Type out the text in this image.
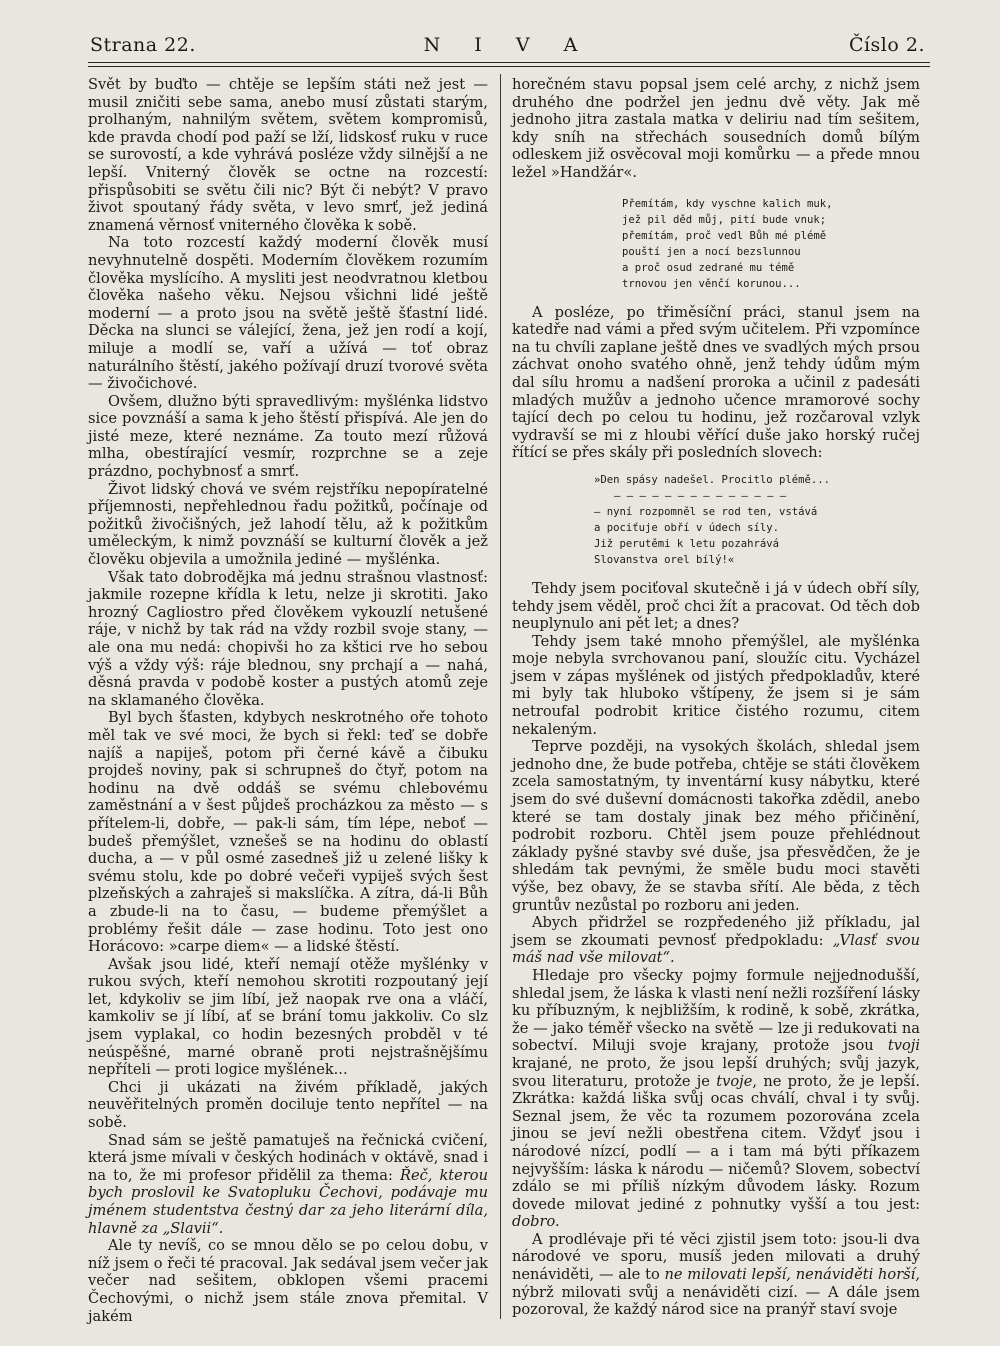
Strana 22.	N I V A	Číslo 2.

Svět by buďto — chtěje se lepším státi než jest — musil zničiti sebe sama, anebo musí zůstati starým, prolhaným, nahnilým světem, světem kompromisů, kde pravda chodí pod paží se lží, lidskosť ruku v ruce se surovostí, a kde vyhrává posléze vždy silnější a ne lepší. Vniterný člověk se octne na rozcestí: přispůsobiti se světu čili nic? Být či nebýt? V pravo život spoutaný řády světa, v levo smrť, jež jediná znamená věrnosť vniterného člověka k sobě.

Na toto rozcestí každý moderní člověk musí nevyhnutelně dospěti. Moderním člověkem rozumím člověka myslícího. A mysliti jest neodvratnou kletbou člověka našeho věku. Nejsou všichni lidé ještě moderní — a proto jsou na světě ještě šťastní lidé. Děcka na slunci se válející, žena, jež jen rodí a kojí, miluje a modlí se, vaří a užívá — toť obraz naturálního štěstí, jakého požívají druzí tvorové světa — živočichové.

Ovšem, dlužno býti spravedlivým: myšlénka lidstvo sice povznáší a sama k jeho štěstí přispívá. Ale jen do jisté meze, které neznáme. Za touto mezí růžová mlha, obestírající vesmír, rozprchne se a zeje prázdno, pochybnosť a smrť.

Život lidský chová ve svém rejstříku nepopíratelné příjemnosti, nepřehlednou řadu požitků, počínaje od požitků živočišných, jež lahodí tělu, až k požitkům uměleckým, k nimž povznáší se kulturní člověk a jež člověku objevila a umožnila jediné — myšlénka.

Však tato dobrodějka má jednu strašnou vlastnosť: jakmile rozepne křídla k letu, nelze ji skrotiti. Jako hrozný Cagliostro před člověkem vykouzlí netušené ráje, v nichž by tak rád na vždy rozbil svoje stany, — ale ona mu nedá: chopivši ho za kštici rve ho sebou výš a vždy výš: ráje blednou, sny prchají a — nahá, děsná pravda v podobě koster a pustých atomů zeje na sklamaného člověka.

Byl bych šťasten, kdybych neskrotného oře tohoto měl tak ve své moci, že bych si řekl: teď se dobře najíš a napiješ, potom při černé kávě a čibuku projdeš noviny, pak si schrupneš do čtyř, potom na hodinu na dvě oddáš se svému chlebovému zaměstnání a v šest půjdeš procházkou za město — s přítelem-li, dobře, — pak-li sám, tím lépe, neboť — budeš přemýšlet, vznešeš se na hodinu do oblastí ducha, a — v půl osmé zasedneš již u zelené lišky k svému stolu, kde po dobré večeři vypiješ svých šest plzeňských a zahraješ si makslíčka. A zítra, dá-li Bůh a zbude-li na to času, — budeme přemýšlet a problémy řešit dále — zase hodinu. Toto jest ono Horácovo: »carpe diem« — a lidské štěstí.

Avšak jsou lidé, kteří nemají otěže myšlénky v rukou svých, kteří nemohou skrotiti rozpoutaný její let, kdykoliv se jim líbí, jež naopak rve ona a vláčí, kamkoliv se jí líbí, ať se brání tomu jakkoliv. Co slz jsem vyplakal, co hodin bezesných probděl v té neúspěšné, marné obraně proti nejstrašnějšímu nepříteli — proti logice myšlének...

Chci ji ukázati na živém příkladě, jakých neuvěřitelných proměn dociluje tento nepřítel — na sobě.

Snad sám se ještě pamatuješ na řečnická cvičení, která jsme mívali v českých hodinách v oktávě, snad i na to, že mi profesor přidělil za thema: Řeč, kterou bych proslovil ke Svatopluku Čechovi, podávaje mu jménem studentstva čestný dar za jeho literární díla, hlavně za „Slavii“.

Ale ty nevíš, co se mnou dělo se po celou dobu, v níž jsem o řeči té pracoval. Jak sedával jsem večer jak večer nad sešitem, obklopen všemi pracemi Čechovými, o nichž jsem stále znova přemital. V jakém

horečném stavu popsal jsem celé archy, z nichž jsem druhého dne podržel jen jednu dvě věty. Jak mě jednoho jitra zastala matka v deliriu nad tím sešitem, kdy sníh na střechách sousedních domů bílým odleskem již osvěcoval moji komůrku — a přede mnou ležel »Handžár«.

Přemítám, kdy vyschne kalich muk,
jež pil děd můj, pití bude vnuk;
přemítám, proč vedl Bůh mé plémě
pouští jen a nocí bezslunnou
a proč osud zedrané mu témě
trnovou jen věnčí korunou...

A posléze, po třiměsíční práci, stanul jsem na katedře nad vámi a před svým učitelem. Při vzpomínce na tu chvíli zaplane ještě dnes ve svadlých mých prsou záchvat onoho svatého ohně, jenž tehdy údům mým dal sílu hromu a nadšení proroka a učinil z padesáti mladých mužův a jednoho učence mramorové sochy tající dech po celou tu hodinu, jež rozčaroval vzlyk vydravší se mi z hloubi věřící duše jako horský ručej řítící se přes skály při posledních slovech:

»Den spásy nadešel. Procitlo plémě...
— — — — — — — — — — — — — —
— nyní rozpomněl se rod ten, vstává
a pociťuje obří v údech síly.
Již perutěmi k letu pozahrává
Slovanstva orel bílý!«

Tehdy jsem pociťoval skutečně i já v údech obří síly, tehdy jsem věděl, proč chci žít a pracovat. Od těch dob neuplynulo ani pět let; a dnes?

Tehdy jsem také mnoho přemýšlel, ale myšlénka moje nebyla svrchovanou paní, sloužíc citu. Vycházel jsem v zápas myšlének od jistých předpokladův, které mi byly tak hluboko vštípeny, že jsem si je sám netroufal podrobit kritice čistého rozumu, citem nekaleným.

Teprve později, na vysokých školách, shledal jsem jednoho dne, že bude potřeba, chtěje se státi člověkem zcela samostatným, ty inventární kusy nábytku, které jsem do své duševní domácnosti takořka zdědil, anebo které se tam dostaly jinak bez mého přičinění, podrobit rozboru. Chtěl jsem pouze přehlédnout základy pyšné stavby své duše, jsa přesvědčen, že je shledám tak pevnými, že směle budu moci stavěti výše, bez obavy, že se stavba sřítí. Ale běda, z těch gruntův nezůstal po rozboru ani jeden.

Abych přidržel se rozpředeného již příkladu, jal jsem se zkoumati pevnosť předpokladu: „Vlasť svou máš nad vše milovat“.

Hledaje pro všecky pojmy formule nejjednodušší, shledal jsem, že láska k vlasti není nežli rozšíření lásky ku příbuzným, k nejbližším, k rodině, k sobě, zkrátka, že — jako téměř všecko na světě — lze ji redukovati na sobectví. Miluji svoje krajany, protože jsou tvoji krajané, ne proto, že jsou lepší druhých; svůj jazyk, svou literaturu, protože je tvoje, ne proto, že je lepší. Zkrátka: každá liška svůj ocas chválí, chval i ty svůj. Seznal jsem, že věc ta rozumem pozorována zcela jinou se jeví nežli obestřena citem. Vždyť jsou i národové nízcí, podlí — a i tam má býti příkazem nejvyšším: láska k národu — ničemů? Slovem, sobectví zdálo se mi příliš nízkým důvodem lásky. Rozum dovede milovat jediné z pohnutky vyšší a tou jest: dobro.

A prodlévaje při té věci zjistil jsem toto: jsou-li dva národové ve sporu, musíš jeden milovati a druhý nenáviděti, — ale to ne milovati lepší, nenáviděti horší, nýbrž milovati svůj a nenáviděti cizí. — A dále jsem pozoroval, že každý národ sice na pranýř staví svoje
